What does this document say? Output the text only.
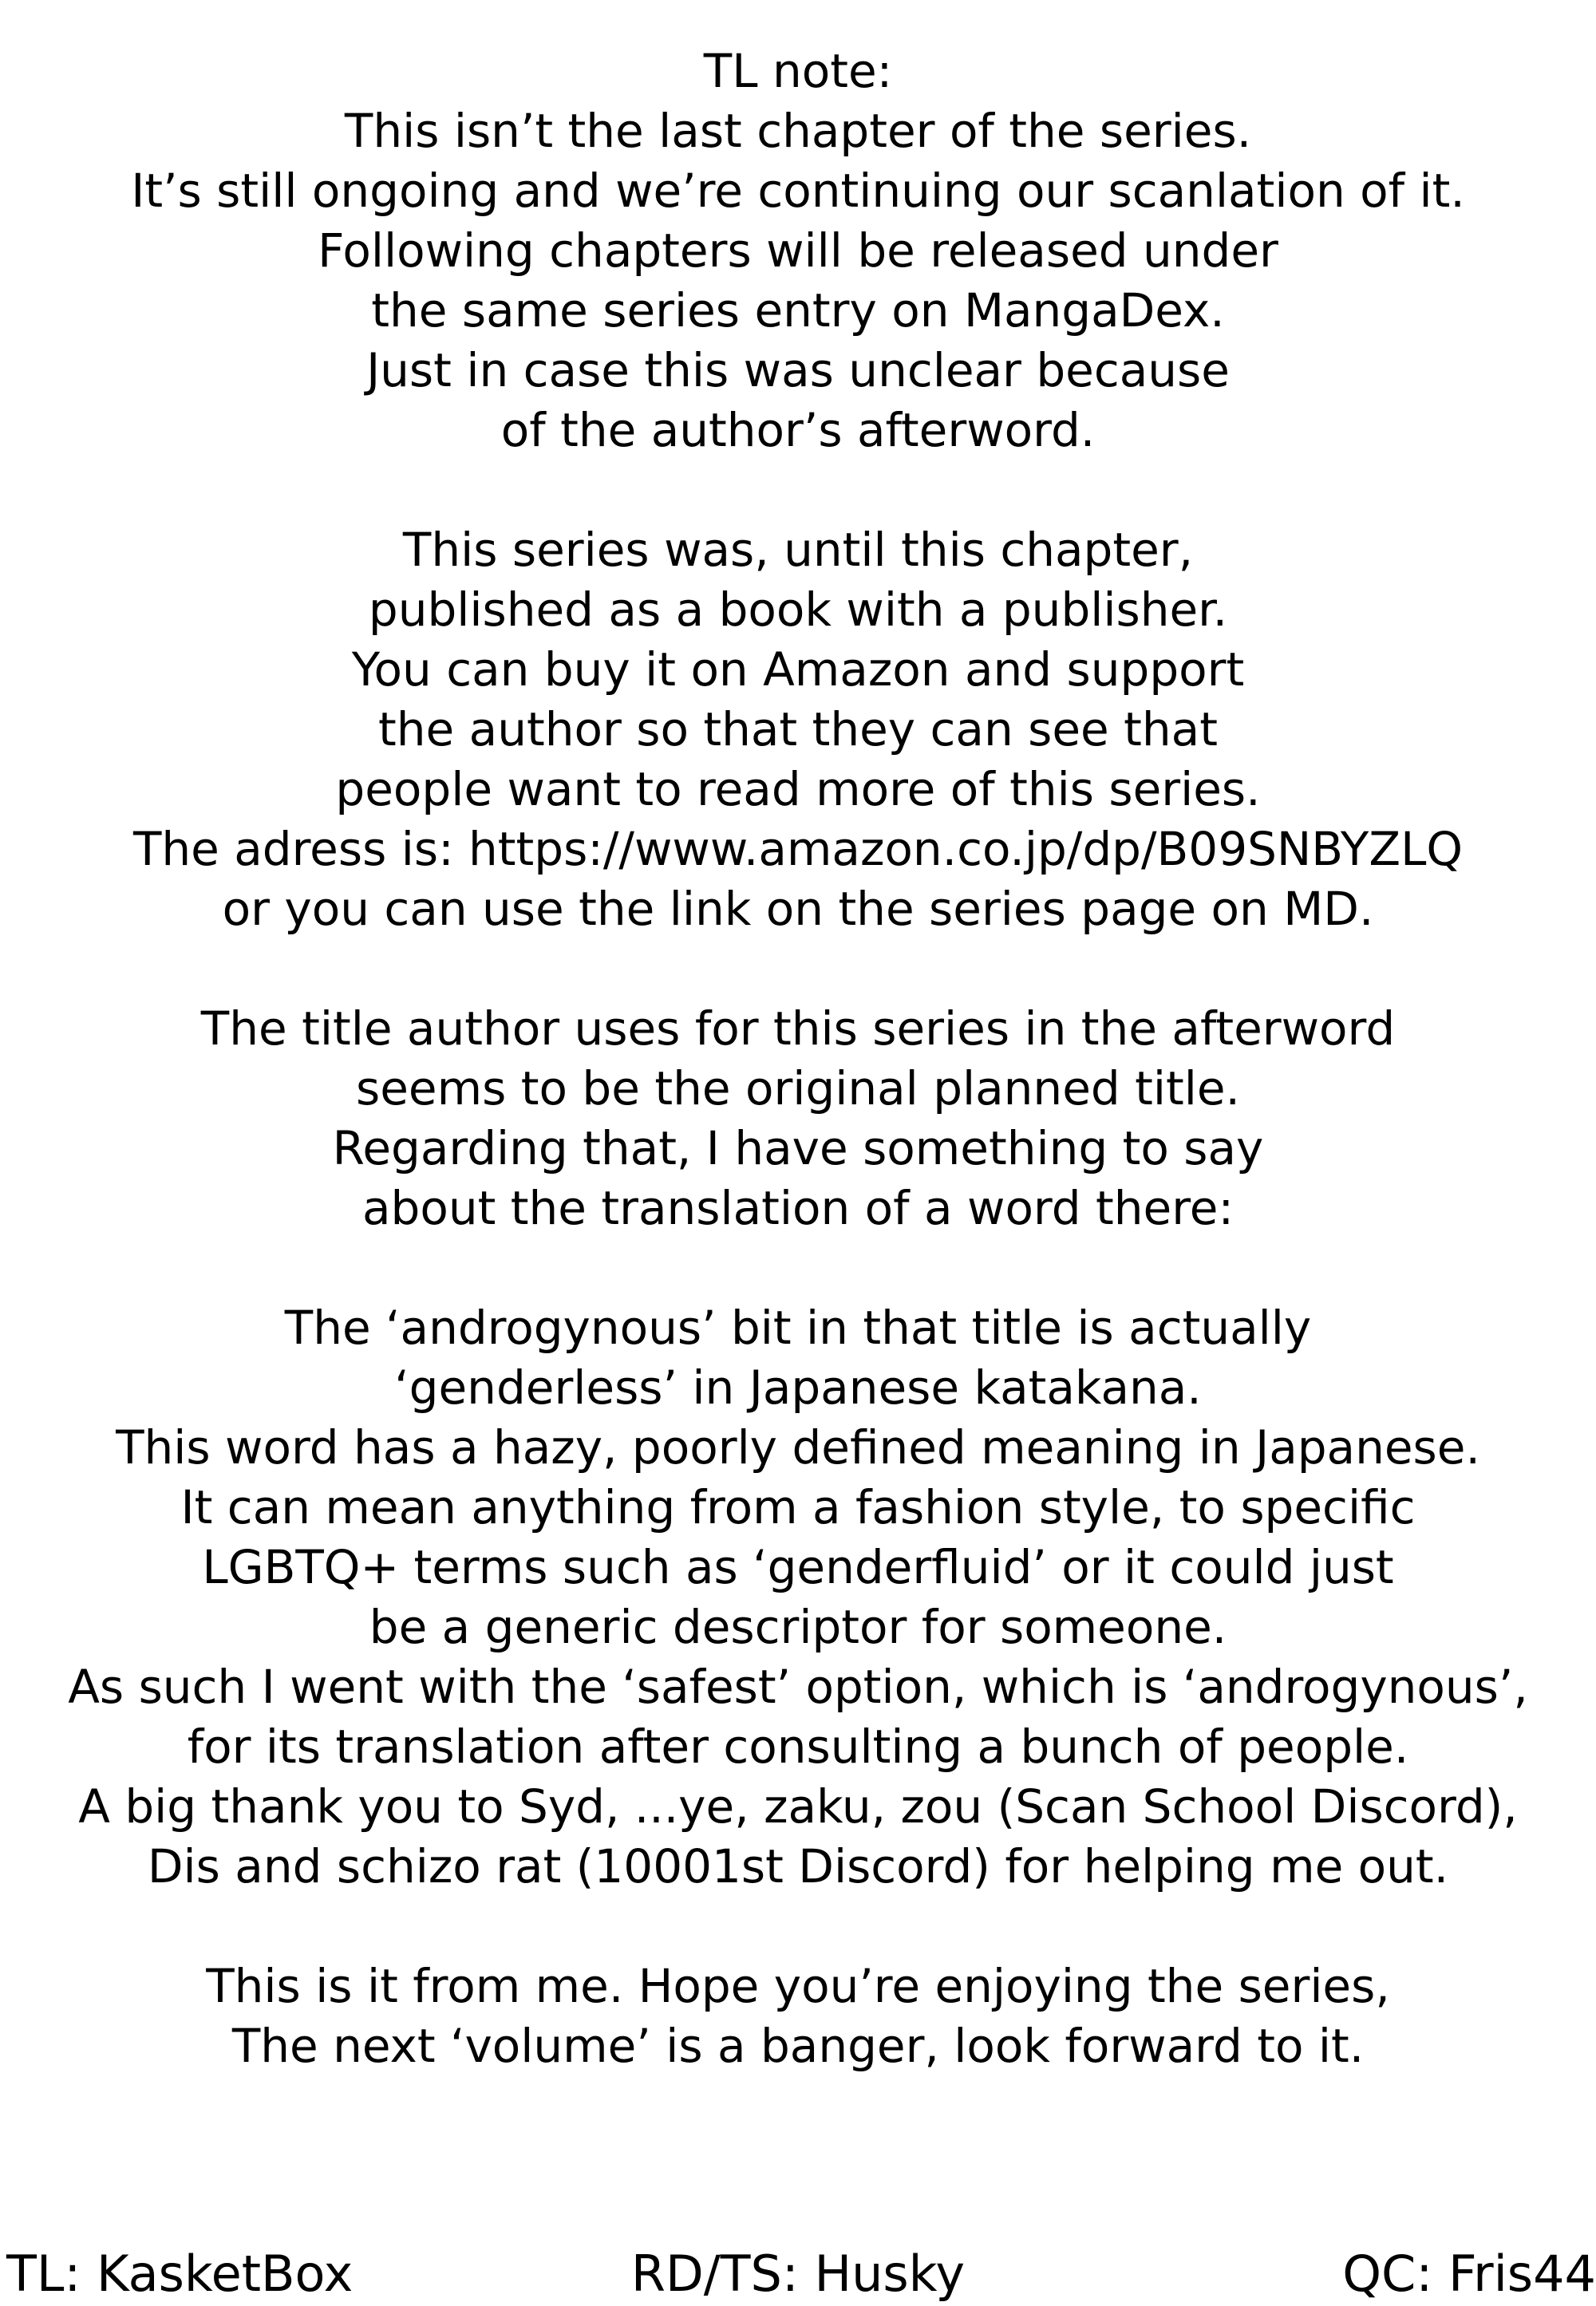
TL note:
This isn’t the last chapter of the series.
It’s still ongoing and we’re continuing our scanlation of it.
Following chapters will be released under
the same series entry on MangaDex.
Just in case this was unclear because
of the author’s afterword.
This series was, until this chapter,
published as a book with a publisher.
You can buy it on Amazon and support
the author so that they can see that
people want to read more of this series.
The adress is: https://www.amazon.co.jp/dp/B09SNBYZLQ
or you can use the link on the series page on MD.
The title author uses for this series in the afterword
seems to be the original planned title.
Regarding that, I have something to say
about the translation of a word there:
The ‘androgynous’ bit in that title is actually
‘genderless’ in Japanese katakana.
This word has a hazy, poorly defined meaning in Japanese.
It can mean anything from a fashion style, to specific
LGBTQ+ terms such as ‘genderfluid’ or it could just
be a generic descriptor for someone.
As such I went with the ‘safest’ option, which is ‘androgynous’,
for its translation after consulting a bunch of people.
A big thank you to Syd, ...ye, zaku, zou (Scan School Discord),
Dis and schizo rat (10001st Discord) for helping me out.
This is it from me. Hope you’re enjoying the series,
The next ‘volume’ is a banger, look forward to it.
TL: KasketBox	RD/TS: Husky	QC: Fris44
